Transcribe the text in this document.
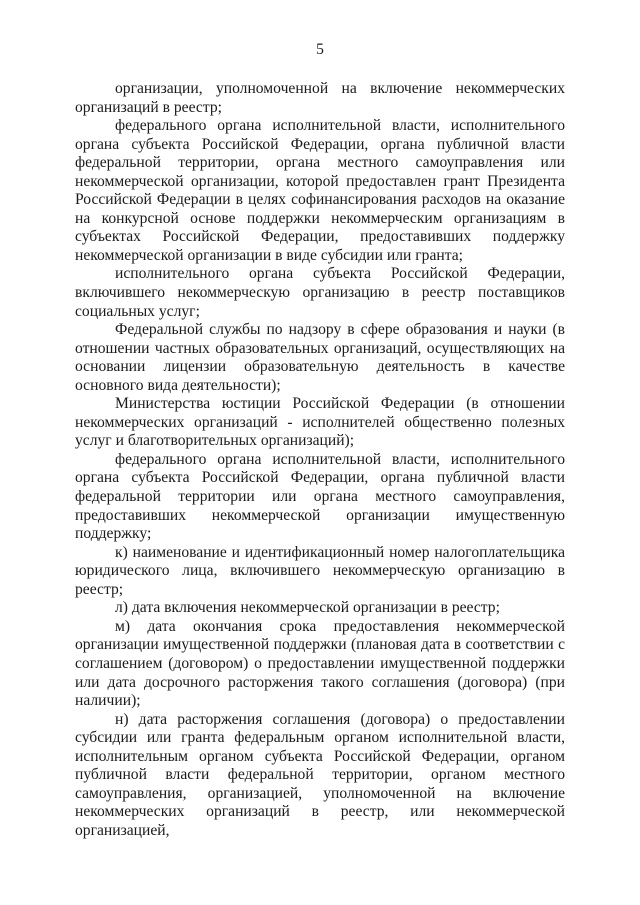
5

организации, уполномоченной на включение некоммерческих организаций в реестр;

федерального органа исполнительной власти, исполнительного органа субъекта Российской Федерации, органа публичной власти федеральной территории, органа местного самоуправления или некоммерческой организации, которой предоставлен грант Президента Российской Федерации в целях софинансирования расходов на оказание на конкурсной основе поддержки некоммерческим организациям в субъектах Российской Федерации, предоставивших поддержку некоммерческой организации в виде субсидии или гранта;

исполнительного органа субъекта Российской Федерации, включившего некоммерческую организацию в реестр поставщиков социальных услуг;

Федеральной службы по надзору в сфере образования и науки (в отношении частных образовательных организаций, осуществляющих на основании лицензии образовательную деятельность в качестве основного вида деятельности);

Министерства юстиции Российской Федерации (в отношении некоммерческих организаций - исполнителей общественно полезных услуг и благотворительных организаций);

федерального органа исполнительной власти, исполнительного органа субъекта Российской Федерации, органа публичной власти федеральной территории или органа местного самоуправления, предоставивших некоммерческой организации имущественную поддержку;

к) наименование и идентификационный номер налогоплательщика юридического лица, включившего некоммерческую организацию в реестр;

л) дата включения некоммерческой организации в реестр;

м) дата окончания срока предоставления некоммерческой организации имущественной поддержки (плановая дата в соответствии с соглашением (договором) о предоставлении имущественной поддержки или дата досрочного расторжения такого соглашения (договора) (при наличии);

н) дата расторжения соглашения (договора) о предоставлении субсидии или гранта федеральным органом исполнительной власти, исполнительным органом субъекта Российской Федерации, органом публичной власти федеральной территории, органом местного самоуправления, организацией, уполномоченной на включение некоммерческих организаций в реестр, или некоммерческой организацией,
